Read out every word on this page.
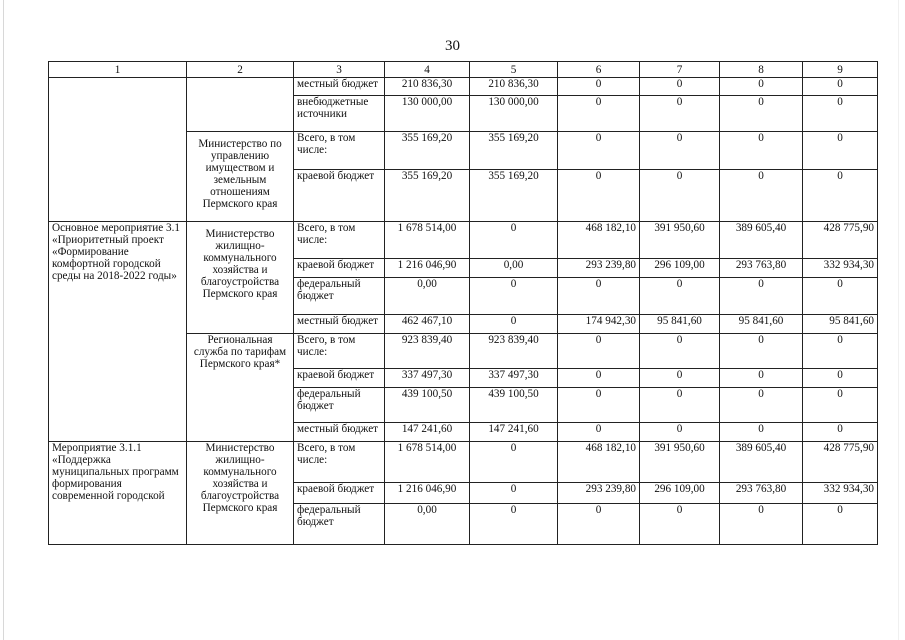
30
1	2	3	4	5	6	7	8	9
		местный бюджет	210 836,30	210 836,30	0	0	0	0
		внебюджетные источники	130 000,00	130 000,00	0	0	0	0
	Министерство по управлению имуществом и земельным отношениям Пермского края	Всего, в том числе:	355 169,20	355 169,20	0	0	0	0
		краевой бюджет	355 169,20	355 169,20	0	0	0	0
Основное мероприятие 3.1 «Приоритетный проект «Формирование комфортной городской среды на 2018-2022 годы»	Министерство жилищно-коммунального хозяйства и благоустройства Пермского края	Всего, в том числе:	1 678 514,00	0	468 182,10	391 950,60	389 605,40	428 775,90
		краевой бюджет	1 216 046,90	0,00	293 239,80	296 109,00	293 763,80	332 934,30
		федеральный бюджет	0,00	0	0	0	0	0
		местный бюджет	462 467,10	0	174 942,30	95 841,60	95 841,60	95 841,60
	Региональная служба по тарифам Пермского края*	Всего, в том числе:	923 839,40	923 839,40	0	0	0	0
		краевой бюджет	337 497,30	337 497,30	0	0	0	0
		федеральный бюджет	439 100,50	439 100,50	0	0	0	0
		местный бюджет	147 241,60	147 241,60	0	0	0	0
Мероприятие 3.1.1 «Поддержка муниципальных программ формирования современной городской	Министерство жилищно-коммунального хозяйства и благоустройства Пермского края	Всего, в том числе:	1 678 514,00	0	468 182,10	391 950,60	389 605,40	428 775,90
		краевой бюджет	1 216 046,90	0	293 239,80	296 109,00	293 763,80	332 934,30
		федеральный бюджет	0,00	0	0	0	0	0
